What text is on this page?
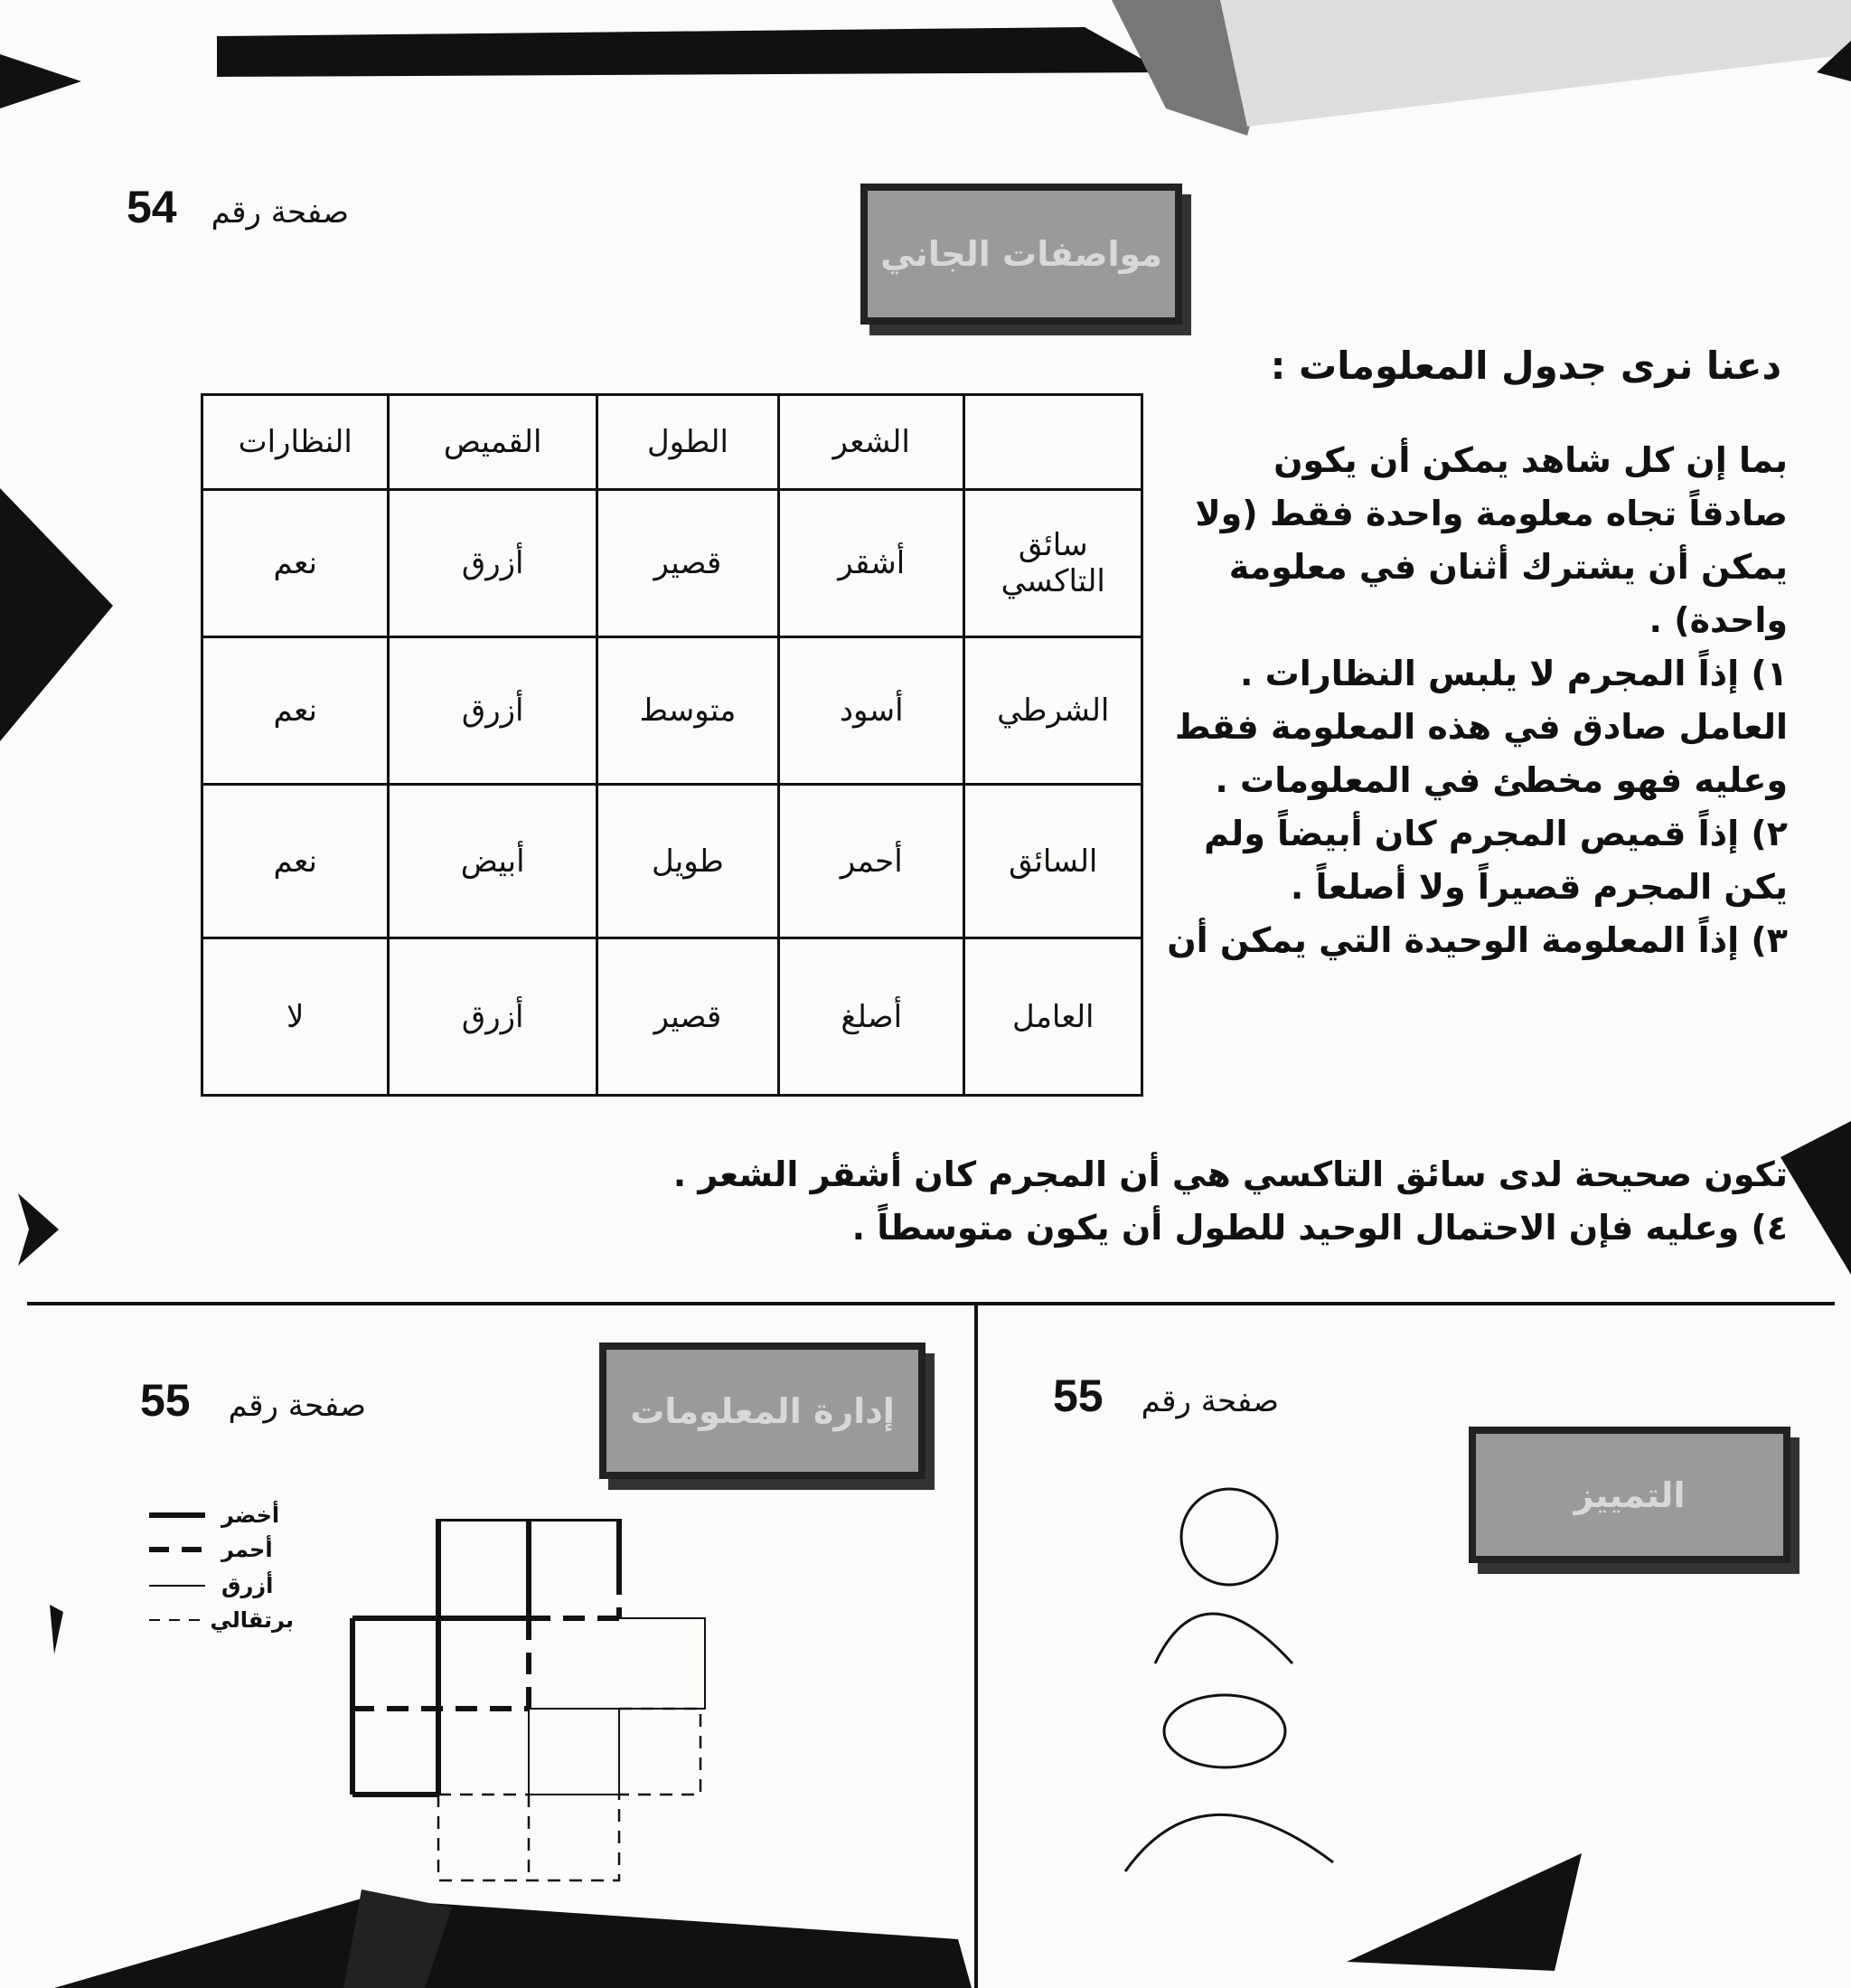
54 صفحة رقم
مواصفات الجاني
دعنا نرى جدول المعلومات :
	الشعر	الطول	القميص	النظارات
سائق التاكسي	أشقر	قصير	أزرق	نعم
الشرطي	أسود	متوسط	أزرق	نعم
السائق	أحمر	طويل	أبيض	نعم
العامل	أصلغ	قصير	أزرق	لا
بما إن كل شاهد يمكن أن يكون
صادقاً تجاه معلومة واحدة فقط (ولا
يمكن أن يشترك أثنان في معلومة
واحدة) .
١) إذاً المجرم لا يلبس النظارات .
العامل صادق في هذه المعلومة فقط
وعليه فهو مخطئ في المعلومات .
٢) إذاً قميص المجرم كان أبيضاً ولم
يكن المجرم قصيراً ولا أصلعاً .
٣) إذاً المعلومة الوحيدة التي يمكن أن
تكون صحيحة لدى سائق التاكسي هي أن المجرم كان أشقر الشعر .
٤) وعليه فإن الاحتمال الوحيد للطول أن يكون متوسطاً .
55 صفحة رقم	إدارة المعلومات
أخضر
أحمر
أزرق
برتقالي
55 صفحة رقم
التمييز
